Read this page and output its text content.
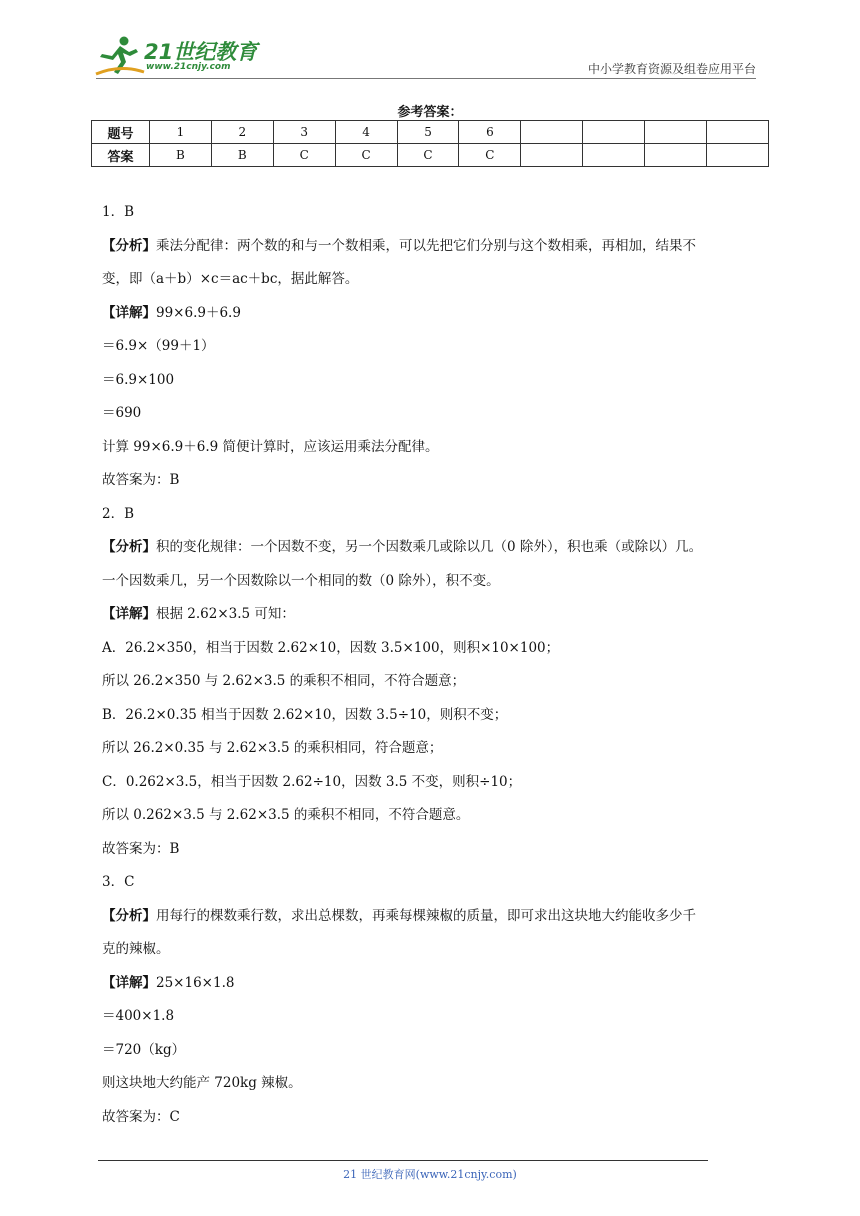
21世纪教育
www.21cnjy.com	中小学教育资源及组卷应用平台
参考答案：
题号	1	2	3	4	5	6				
答案	B	B	C	C	C	C				
1．B
【分析】乘法分配律：两个数的和与一个数相乘，可以先把它们分别与这个数相乘，再相加，结果不
变，即（a＋b）×c＝ac＋bc，据此解答。
【详解】99×6.9＋6.9
＝6.9×（99＋1）
＝6.9×100
＝690
计算 99×6.9＋6.9 简便计算时，应该运用乘法分配律。
故答案为：B
2．B
【分析】积的变化规律：一个因数不变，另一个因数乘几或除以几（0 除外），积也乘（或除以）几。
一个因数乘几，另一个因数除以一个相同的数（0 除外），积不变。
【详解】根据 2.62×3.5 可知：
A．26.2×350，相当于因数 2.62×10，因数 3.5×100，则积×10×100；
所以 26.2×350 与 2.62×3.5 的乘积不相同，不符合题意；
B．26.2×0.35 相当于因数 2.62×10，因数 3.5÷10，则积不变；
所以 26.2×0.35 与 2.62×3.5 的乘积相同，符合题意；
C．0.262×3.5，相当于因数 2.62÷10，因数 3.5 不变，则积÷10；
所以 0.262×3.5 与 2.62×3.5 的乘积不相同，不符合题意。
故答案为：B
3．C
【分析】用每行的棵数乘行数，求出总棵数，再乘每棵辣椒的质量，即可求出这块地大约能收多少千
克的辣椒。
【详解】25×16×1.8
＝400×1.8
＝720（kg）
则这块地大约能产 720kg 辣椒。
故答案为：C
21 世纪教育网(www.21cnjy.com)
